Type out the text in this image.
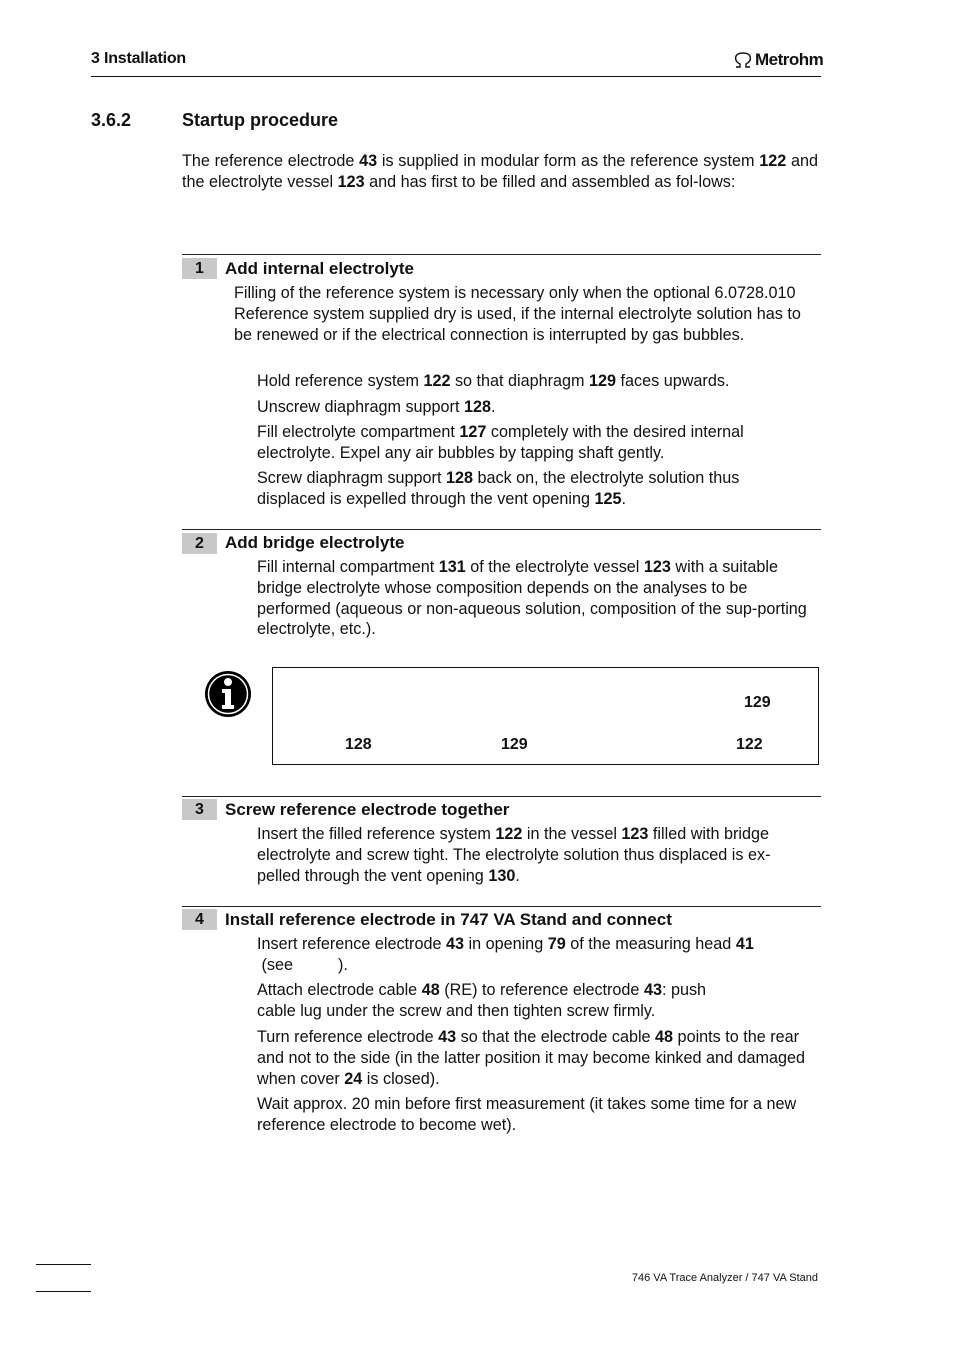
3 Installation	Metrohm
3.6.2	Startup procedure
The reference electrode 43 is supplied in modular form as the reference system 122 and the electrolyte vessel 123 and has first to be filled and assembled as fol-lows:
1	Add internal electrolyte
Filling of the reference system is necessary only when the optional 6.0728.010 Reference system supplied dry is used, if the internal electrolyte solution has to be renewed or if the electrical connection is interrupted by gas bubbles.
Hold reference system 122 so that diaphragm 129 faces upwards.
Unscrew diaphragm support 128.
Fill electrolyte compartment 127 completely with the desired internal electrolyte. Expel any air bubbles by tapping shaft gently.
Screw diaphragm support 128 back on, the electrolyte solution thus displaced is expelled through the vent opening 125.
2	Add bridge electrolyte
Fill internal compartment 131 of the electrolyte vessel 123 with a suitable bridge electrolyte whose composition depends on the analyses to be performed (aqueous or non-aqueous solution, composition of the sup-porting electrolyte, etc.).
129
128	129	122
3	Screw reference electrode together
Insert the filled reference system 122 in the vessel 123 filled with bridge electrolyte and screw tight. The electrolyte solution thus displaced is ex-pelled through the vent opening 130.
4	Install reference electrode in 747 VA Stand and connect
Insert reference electrode 43 in opening 79 of the measuring head 41 (see          ).
Attach electrode cable 48 (RE) to reference electrode 43: push cable lug under the screw and then tighten screw firmly.
Turn reference electrode 43 so that the electrode cable 48 points to the rear and not to the side (in the latter position it may become kinked and damaged when cover 24 is closed).
Wait approx. 20 min before first measurement (it takes some time for a new reference electrode to become wet).
746 VA Trace Analyzer / 747 VA Stand
